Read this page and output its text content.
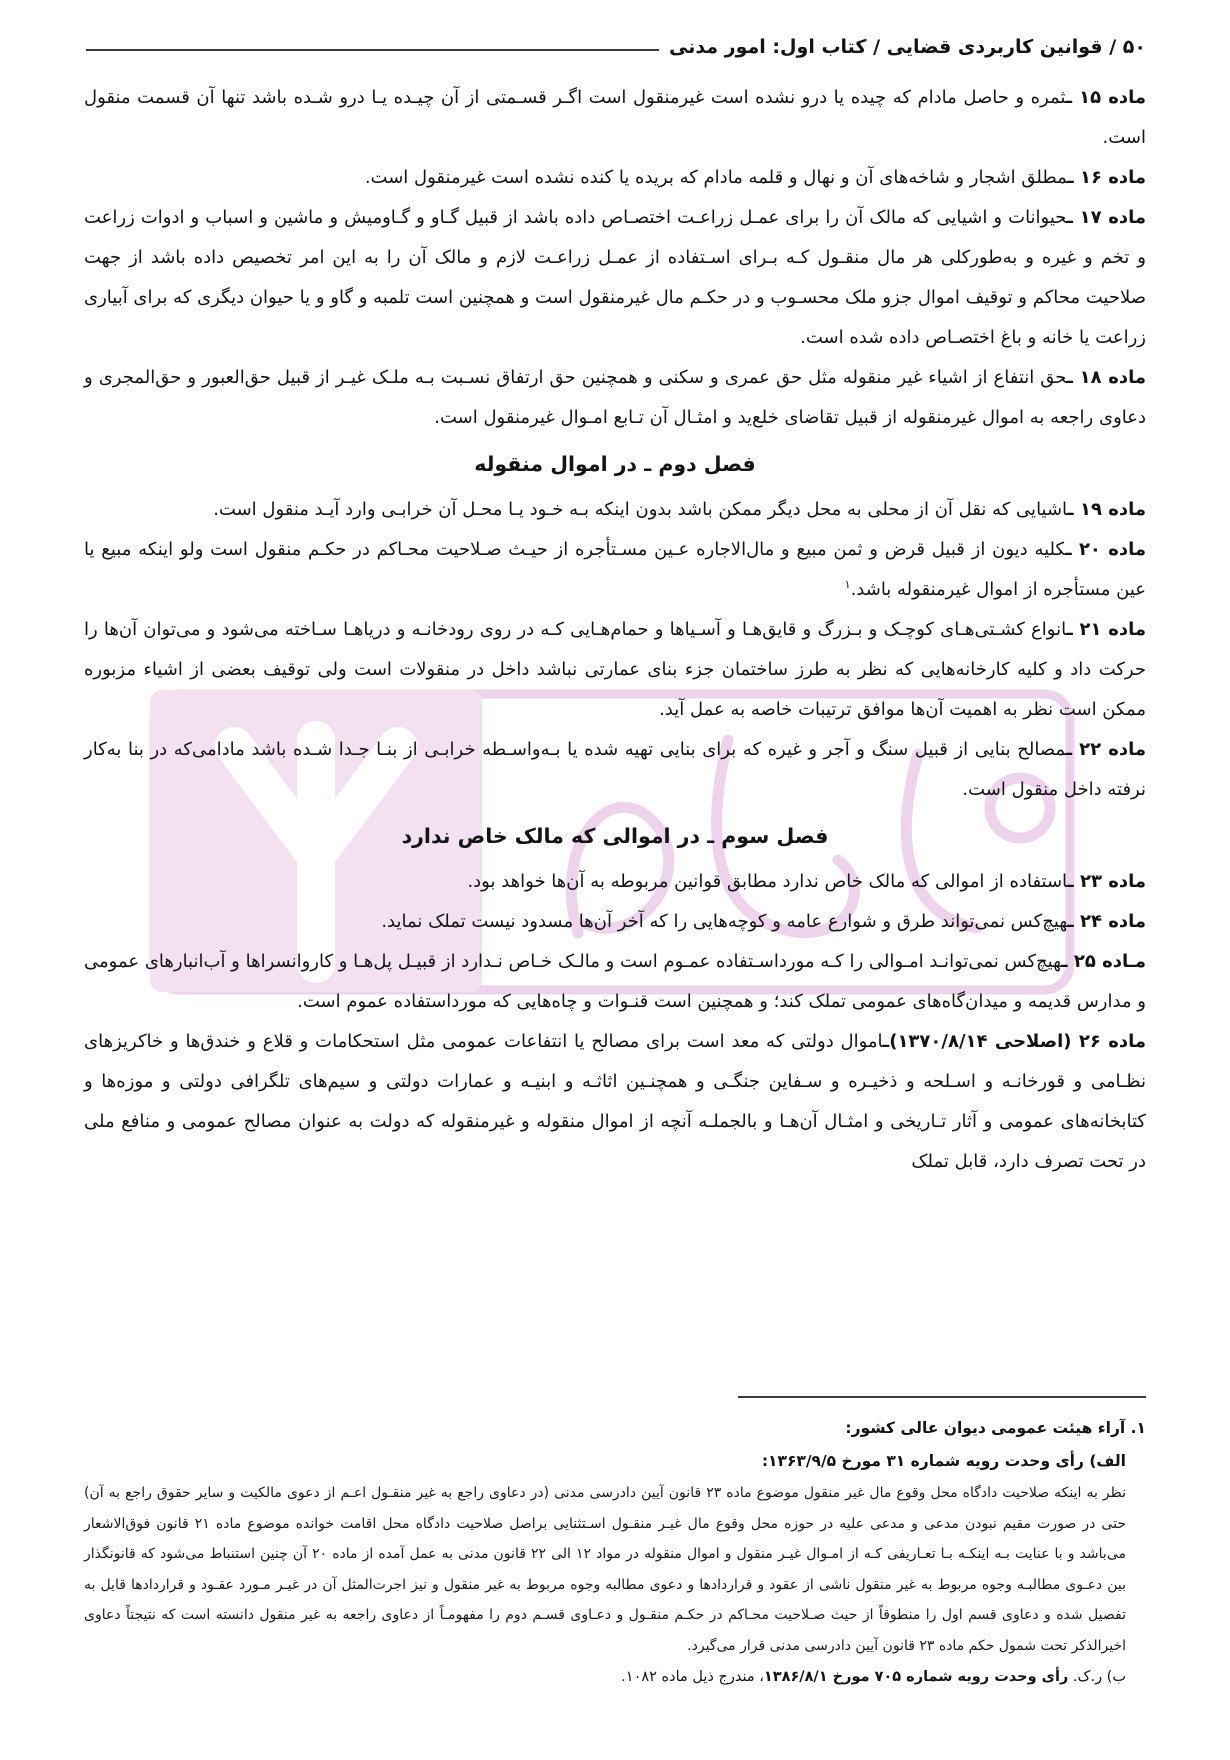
۵۰ / قوانین کاربردی قضایی / کتاب اول: امور مدنی

ماده ۱۵ ـثمره و حاصل مادام که چیده یا درو نشده است غیرمنقول است اگـر قسـمتی از آن چیـده یـا درو شـده باشد تنها آن قسمت منقول است.

ماده ۱۶ ـمطلق اشجار و شاخه‌های آن و نهال و قلمه مادام که بریده یا کنده نشده است غیرمنقول است.

ماده ۱۷ ـحیوانات و اشیایی که مالک آن را برای عمـل زراعـت اختصـاص داده باشد از قبیل گـاو و گـاومیش و ماشین و اسباب و ادوات زراعت و تخم و غیره و به‌طورکلی هر مال منقـول کـه بـرای اسـتفاده از عمـل زراعـت لازم و مالک آن را به این امر تخصیص داده باشد از جهت صلاحیت محاکم و توقیف اموال جزو ملک محسـوب و در حکـم مال غیرمنقول است و همچنین است تلمبه و گاو و یا حیوان دیگری که برای آبیاری زراعت یا خانه و باغ اختصـاص داده شده است.

ماده ۱۸ ـحق انتفاع از اشیاء غیر منقوله مثل حق عمری و سکنی و همچنین حق ارتفاق نسـبت بـه ملـک غیـر از قبیل حق‌العبور و حق‌المجری و دعاوی راجعه به اموال غیرمنقوله از قبیل تقاضای خلع‌ید و امثـال آن تـابع امـوال غیرمنقول است.

فصل دوم ـ در اموال منقوله

ماده ۱۹ ـاشیایی که نقل آن از محلی به محل دیگر ممکن باشد بدون اینکه بـه خـود یـا محـل آن خرابـی وارد آیـد منقول است.

ماده ۲۰ ـکلیه دیون از قبیل قرض و ثمن مبیع و مال‌الاجاره عـین مسـتأجره از حیـث صـلاحیت محـاکم در حکـم منقول است ولو اینکه مبیع یا عین مستأجره از اموال غیرمنقوله باشد.$^۱$

ماده ۲۱ ـانواع کشـتی‌هـای کوچـک و بـزرگ و قایق‌هـا و آسـیاها و حمام‌هـایی کـه در روی رودخانـه و دریاهـا سـاخته می‌شود و می‌توان آن‌ها را حرکت داد و کلیه کارخانه‌هایی که نظر به طرز ساختمان جزء بنای عمارتی نباشد داخل در منقولات است ولی توقیف بعضی از اشیاء مزبوره ممکن است نظر به اهمیت آن‌ها موافق ترتیبات خاصه به عمل آید.

ماده ۲۲ ـمصالح بنایی از قبیل سنگ و آجر و غیره که برای بنایی تهیه شده یا بـه‌واسـطه خرابـی از بنـا جـدا شـده باشد مادامی‌که در بنا به‌کار نرفته داخل منقول است.

فصل سوم ـ در اموالی که مالک خاص ندارد

ماده ۲۳ ـاستفاده از اموالی که مالک خاص ندارد مطابق قوانین مربوطه به آن‌ها خواهد بود.

ماده ۲۴ ـهیچ‌کس نمی‌تواند طرق و شوارع عامه و کوچه‌هایی را که آخر آن‌ها مسدود نیست تملک نماید.

مـاده ۲۵ ـهیچ‌کس نمی‌توانـد امـوالی را کـه مورداسـتفاده عمـوم است و مالـک خـاص نـدارد از قبیـل پل‌هـا و کاروانسراها و آب‌انبارهای عمومی و مدارس قدیمه و میدان‌گاه‌های عمومی تملک کند؛ و همچنین است قنـوات و چاه‌هایی که مورداستفاده عموم است.

ماده ۲۶ (اصلاحی ۱۳۷۰/۸/۱۴)ـاموال دولتی که معد است برای مصالح یا انتفاعات عمومی مثل استحکامات و قلاع و خندق‌ها و خاکریزهای نظـامی و قورخانـه و اسـلحه و ذخیـره و سـفاین جنگـی و همچنـین اثاثـه و ابنیـه و عمارات دولتی و سیم‌های تلگرافی دولتی و موزه‌ها و کتابخانه‌های عمومی و آثار تـاریخی و امثـال آن‌هـا و بالجملـه آنچه از اموال منقوله و غیرمنقوله که دولت به عنوان مصالح عمومی و منافع ملی در تحت تصرف دارد، قابل تملک

۱. آراء هیئت عمومی دیوان عالی کشور:

الف) رأی وحدت رویه شماره ۳۱ مورخ ۱۳۶۳/۹/۵:

نظر به اینکه صلاحیت دادگاه محل وقوع مال غیر منقول موضوع ماده ۲۳ قانون آیین دادرسی مدنی (در دعاوی راجع به غیر منقـول اعـم از دعوی مالکیت و سایر حقوق راجع به آن) حتی در صورت مقیم نبودن مدعی و مدعی علیه در حوزه محل وقوع مال غیـر منقـول اسـتثنایی براصل صلاحیت دادگاه محل اقامت خوانده موضوع ماده ۲۱ قانون فوق‌الاشعار می‌باشد و با عنایت بـه اینکـه بـا تعـاریفی کـه از امـوال غیـر منقول و اموال منقوله در مواد ۱۲ الی ۲۲ قانون مدنی به عمل آمده از ماده ۲۰ آن چنین استنباط می‌شود که قانونگذار بین دعـوی مطالبـه وجوه مربوط به غیر منقول ناشی از عقود و قراردادها و دعوی مطالبه وجوه مربوط به غیر منقول و نیز اجرت‌المثل آن در غیـر مـورد عقـود و قراردادها قایل به تفصیل شده و دعاوی قسم اول را منطوقاً از حیث صـلاحیت محـاکم در حکـم منقـول و دعـاوی قسـم دوم را مفهومـاً از دعاوی راجعه به غیر منقول دانسته است که نتیجتاً دعاوی اخیرالذکر تحت شمول حکم ماده ۲۳ قانون آیین دادرسی مدنی قرار می‌گیرد.

ب) ر.ک. رأی وحدت رویه شماره ۷۰۵ مورخ ۱۳۸۶/۸/۱، مندرج ذیل ماده ۱۰۸۲.
